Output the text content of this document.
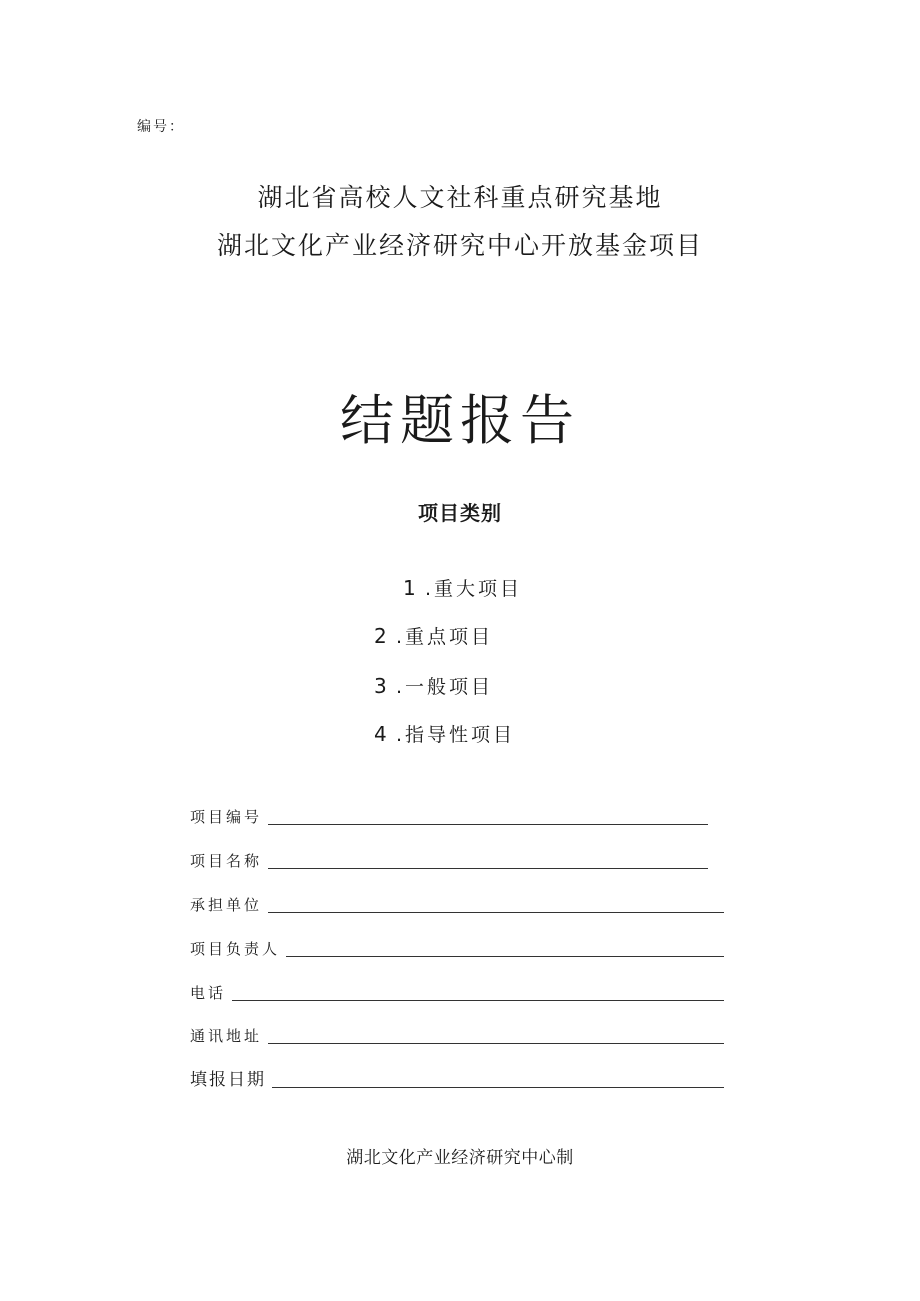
编号：
湖北省高校人文社科重点研究基地
湖北文化产业经济研究中心开放基金项目
结题报告
项目类别
1 .重大项目
2 .重点项目
3 .一般项目
4 .指导性项目
项目编号
项目名称
承担单位
项目负责人
电话
通讯地址
填报日期
湖北文化产业经济研究中心制
